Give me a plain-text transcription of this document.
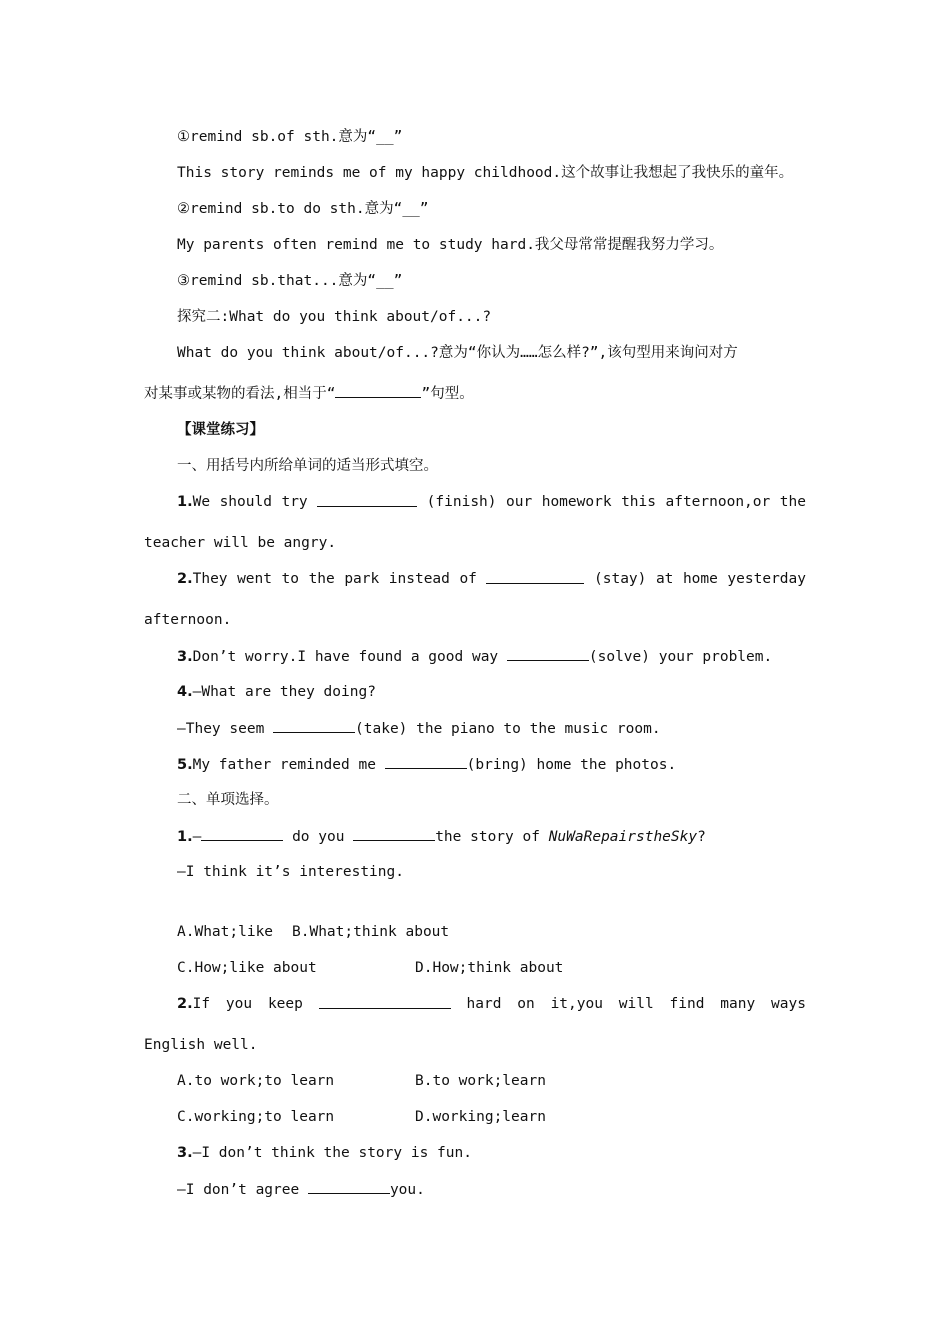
①remind sb.of sth.意为“__”
This story reminds me of my happy childhood.这个故事让我想起了我快乐的童年。
②remind sb.to do sth.意为“__”
My parents often remind me to study hard.我父母常常提醒我努力学习。
③remind sb.that...意为“__”
探究二:What do you think about/of...?
What do you think about/of...?意为“你认为……怎么样?”,该句型用来询问对方
对某事或某物的看法,相当于“	”句型。
【课堂练习】
一、用括号内所给单词的适当形式填空。
1.We should try	(finish) our homework this afternoon,or the
teacher will be angry.
2.They went to the park instead of	(stay) at home yesterday
afternoon.
3.Don’t worry.I have found a good way	(solve) your problem.
4.—What are they doing?
—They seem	(take) the piano to the music room.
5.My father reminded me	(bring) home the photos.
二、单项选择。
1.—	do you	the story of NuWaRepairstheSky?
—I think it’s interesting.
A.What;like B.What;think about
C.How;like about	D.How;think about
2.If you keep	hard on it,you will find many ways
English well.
A.to work;to learn	B.to work;learn
C.working;to learn	D.working;learn
3.—I don’t think the story is fun.
—I don’t agree	you.
